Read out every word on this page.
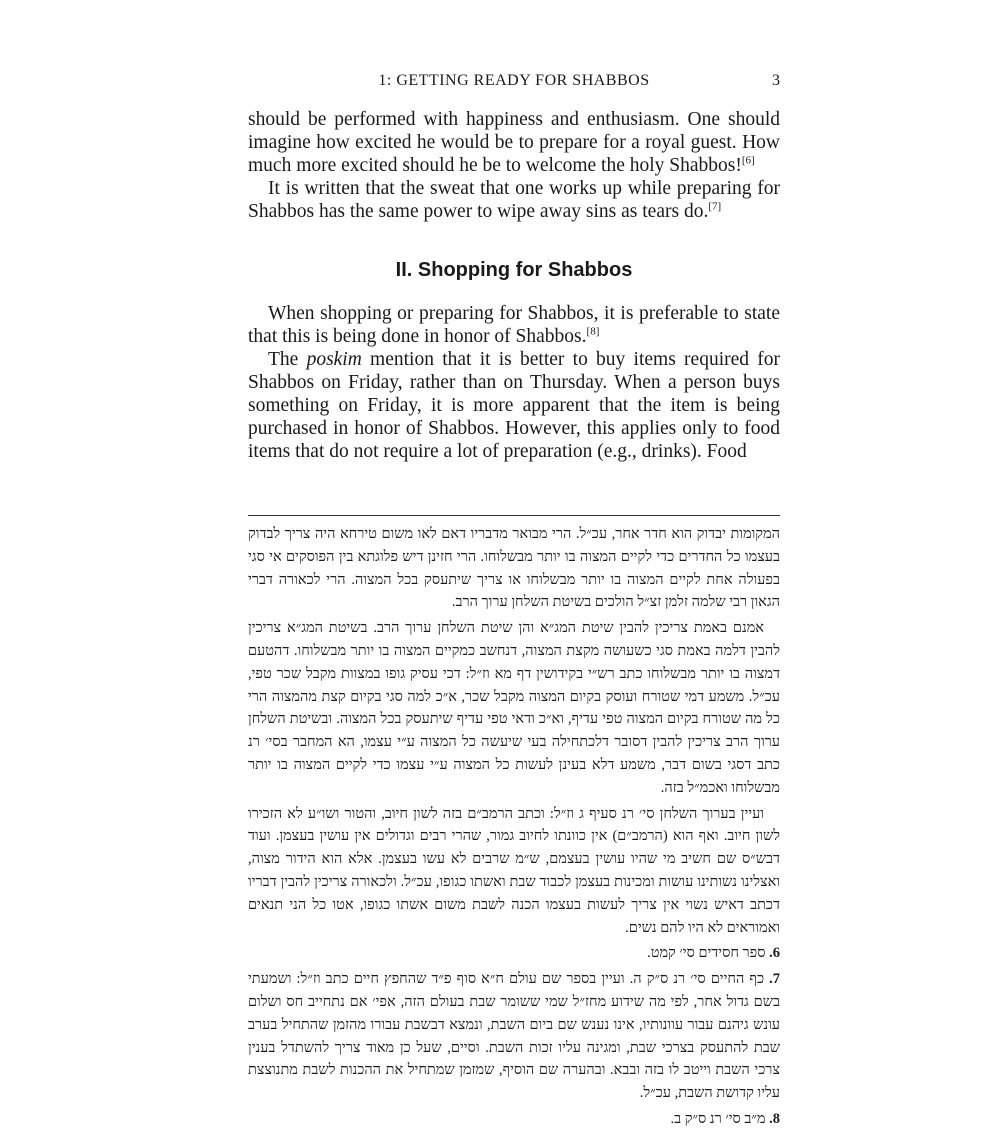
1: GETTING READY FOR SHABBOS	3

should be performed with happiness and enthusiasm. One should imagine how excited he would be to prepare for a royal guest. How much more excited should he be to welcome the holy Shabbos![6]

It is written that the sweat that one works up while preparing for Shabbos has the same power to wipe away sins as tears do.[7]

II. Shopping for Shabbos

When shopping or preparing for Shabbos, it is preferable to state that this is being done in honor of Shabbos.[8]

The poskim mention that it is better to buy items required for Shabbos on Friday, rather than on Thursday. When a person buys something on Friday, it is more apparent that the item is being purchased in honor of Shabbos. However, this applies only to food items that do not require a lot of preparation (e.g., drinks). Food

המקומות יבדוק הוא חדר אחר, עכ״ל. הרי מבואר מדבריו דאם לאו משום טירחא היה צריך לבדוק בעצמו כל החדרים כדי לקיים המצוה בו יותר מבשלוחו. הרי חזינן דיש פלוגתא בין הפוסקים אי סגי בפעולה אחת לקיים המצוה בו יותר מבשלוחו או צריך שיתעסק בכל המצוה. הרי לכאורה דברי הגאון רבי שלמה זלמן זצ״ל הולכים בשיטת השלחן ערוך הרב.

אמנם באמת צריכין להבין שיטת המג״א והן שיטת השלחן ערוך הרב. בשיטת המג״א צריכין להבין דלמה באמת סגי כשעושה מקצת המצוה, דנחשב כמקיים המצוה בו יותר מבשלוחו. דהטעם דמצוה בו יותר מבשלוחו כתב רש״י בקידושין דף מא וז״ל: דכי עסיק גופו במצוות מקבל שכר טפי, עכ״ל. משמע דמי שטורח ועוסק בקיום המצוה מקבל שכר, א״כ למה סגי בקיום קצת מהמצוה הרי כל מה שטורח בקיום המצוה טפי עדיף, וא״כ ודאי טפי עדיף שיתעסק בכל המצוה. ובשיטת השלחן ערוך הרב צריכין להבין דסובר דלכתחילה בעי שיעשה כל המצוה ע״י עצמו, הא המחבר בסי׳ רנ כתב דסגי בשום דבר, משמע דלא בעינן לעשות כל המצוה ע״י עצמו כדי לקיים המצוה בו יותר מבשלוחו ואכמ״ל בזה.

ועיין בערוך השלחן סי׳ רנ סעיף ג וז״ל: וכתב הרמב״ם בזה לשון חיוב, והטור ושו״ע לא הזכירו לשון חיוב. ואף הוא (הרמב״ם) אין כוונתו לחיוב גמור, שהרי רבים וגדולים אין עושין בעצמן. ועוד דבש״ס שם חשיב מי שהיו עושין בעצמם, ש״מ שרבים לא עשו בעצמן. אלא הוא הידור מצוה, ואצלינו נשותינו עושות ומכינות בעצמן לכבוד שבת ואשתו כגופו, עכ״ל. ולכאורה צריכין להבין דבריו דכתב דאיש נשוי אין צריך לעשות בעצמו הכנה לשבת משום אשתו כגופו, אטו כל הני תנאים ואמוראים לא היו להם נשים.

6. ספר חסידים סי׳ קמט.

7. כף החיים סי׳ רנ ס״ק ה. ועיין בספר שם עולם ח״א סוף פ״ד שהחפץ חיים כתב וז״ל: ושמעתי בשם גדול אחר, לפי מה שידוע מחז״ל שמי ששומר שבת בעולם הזה, אפי׳ אם נתחייב חס ושלום עונש גיהנם עבור עוונותיו, אינו נענש שם ביום השבת, ונמצא דבשבת עבורו מהזמן שהתחיל בערב שבת להתעסק בצרכי שבת, ומגינה עליו זכות השבת. וסיים, שעל כן מאוד צריך להשתדל בענין צרכי השבת וייטב לו בזה ובבא. ובהערה שם הוסיף, שמזמן שמתחיל את ההכנות לשבת מתנוצצת עליו קדושת השבת, עכ״ל.

8. מ״ב סי׳ רנ ס״ק ב.
